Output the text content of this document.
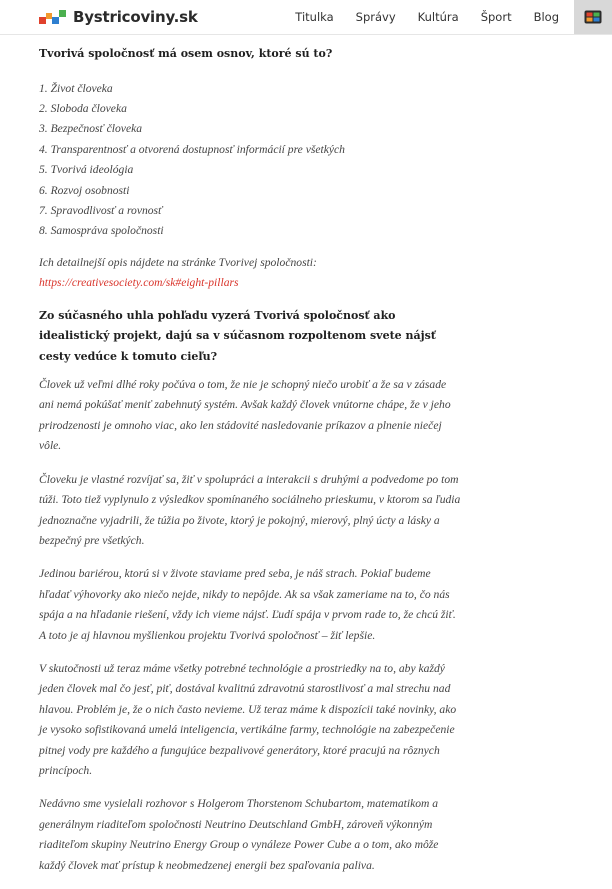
Bystricoviny.sk	Titulka Správy Kultúra Šport Blog

Tvorivá spoločnosť má osem osnov, ktoré sú to?

1. Život človeka
2. Sloboda človeka
3. Bezpečnosť človeka
4. Transparentnosť a otvorená dostupnosť informácií pre všetkých
5. Tvorivá ideológia
6. Rozvoj osobnosti
7. Spravodlivosť a rovnosť
8. Samospráva spoločnosti

Ich detailnejší opis nájdete na stránke Tvorivej spoločnosti:
https://creativesociety.com/sk#eight-pillars

Zo súčasného uhla pohľadu vyzerá Tvorivá spoločnosť ako idealistický projekt, dajú sa v súčasnom rozpoltenom svete nájsť cesty vedúce k tomuto cieľu?

Človek už veľmi dlhé roky počúva o tom, že nie je schopný niečo urobiť a že sa v zásade ani nemá pokúšať meniť zabehnutý systém. Avšak každý človek vnútorne chápe, že v jeho prirodzenosti je omnoho viac, ako len stádovité nasledovanie príkazov a plnenie niečej vôle.

Človeku je vlastné rozvíjať sa, žiť v spolupráci a interakcii s druhými a podvedome po tom túži. Toto tiež vyplynulo z výsledkov spomínaného sociálneho prieskumu, v ktorom sa ľudia jednoznačne vyjadrili, že túžia po živote, ktorý je pokojný, mierový, plný úcty a lásky a bezpečný pre všetkých.

Jedinou bariérou, ktorú si v živote staviame pred seba, je náš strach. Pokiaľ budeme hľadať výhovorky ako niečo nejde, nikdy to nepôjde. Ak sa však zameriame na to, čo nás spája a na hľadanie riešení, vždy ich vieme nájsť. Ľudí spája v prvom rade to, že chcú žiť. A toto je aj hlavnou myšlienkou projektu Tvorivá spoločnosť – žiť lepšie.

V skutočnosti už teraz máme všetky potrebné technológie a prostriedky na to, aby každý jeden človek mal čo jesť, piť, dostával kvalitnú zdravotnú starostlivosť a mal strechu nad hlavou. Problém je, že o nich často nevieme. Už teraz máme k dispozícii také novinky, ako je vysoko sofistikovaná umelá inteligencia, vertikálne farmy, technológie na zabezpečenie pitnej vody pre každého a fungujúce bezpalivové generátory, ktoré pracujú na rôznych princípoch.

Nedávno sme vysielali rozhovor s Holgerom Thorstenom Schubartom, matematikom a generálnym riaditeľom spoločnosti Neutrino Deutschland GmbH, zároveň výkonným riaditeľom skupiny Neutrino Energy Group o vynáleze Power Cube a o tom, ako môže každý človek mať prístup k neobmedzenej energii bez spaľovania paliva.
